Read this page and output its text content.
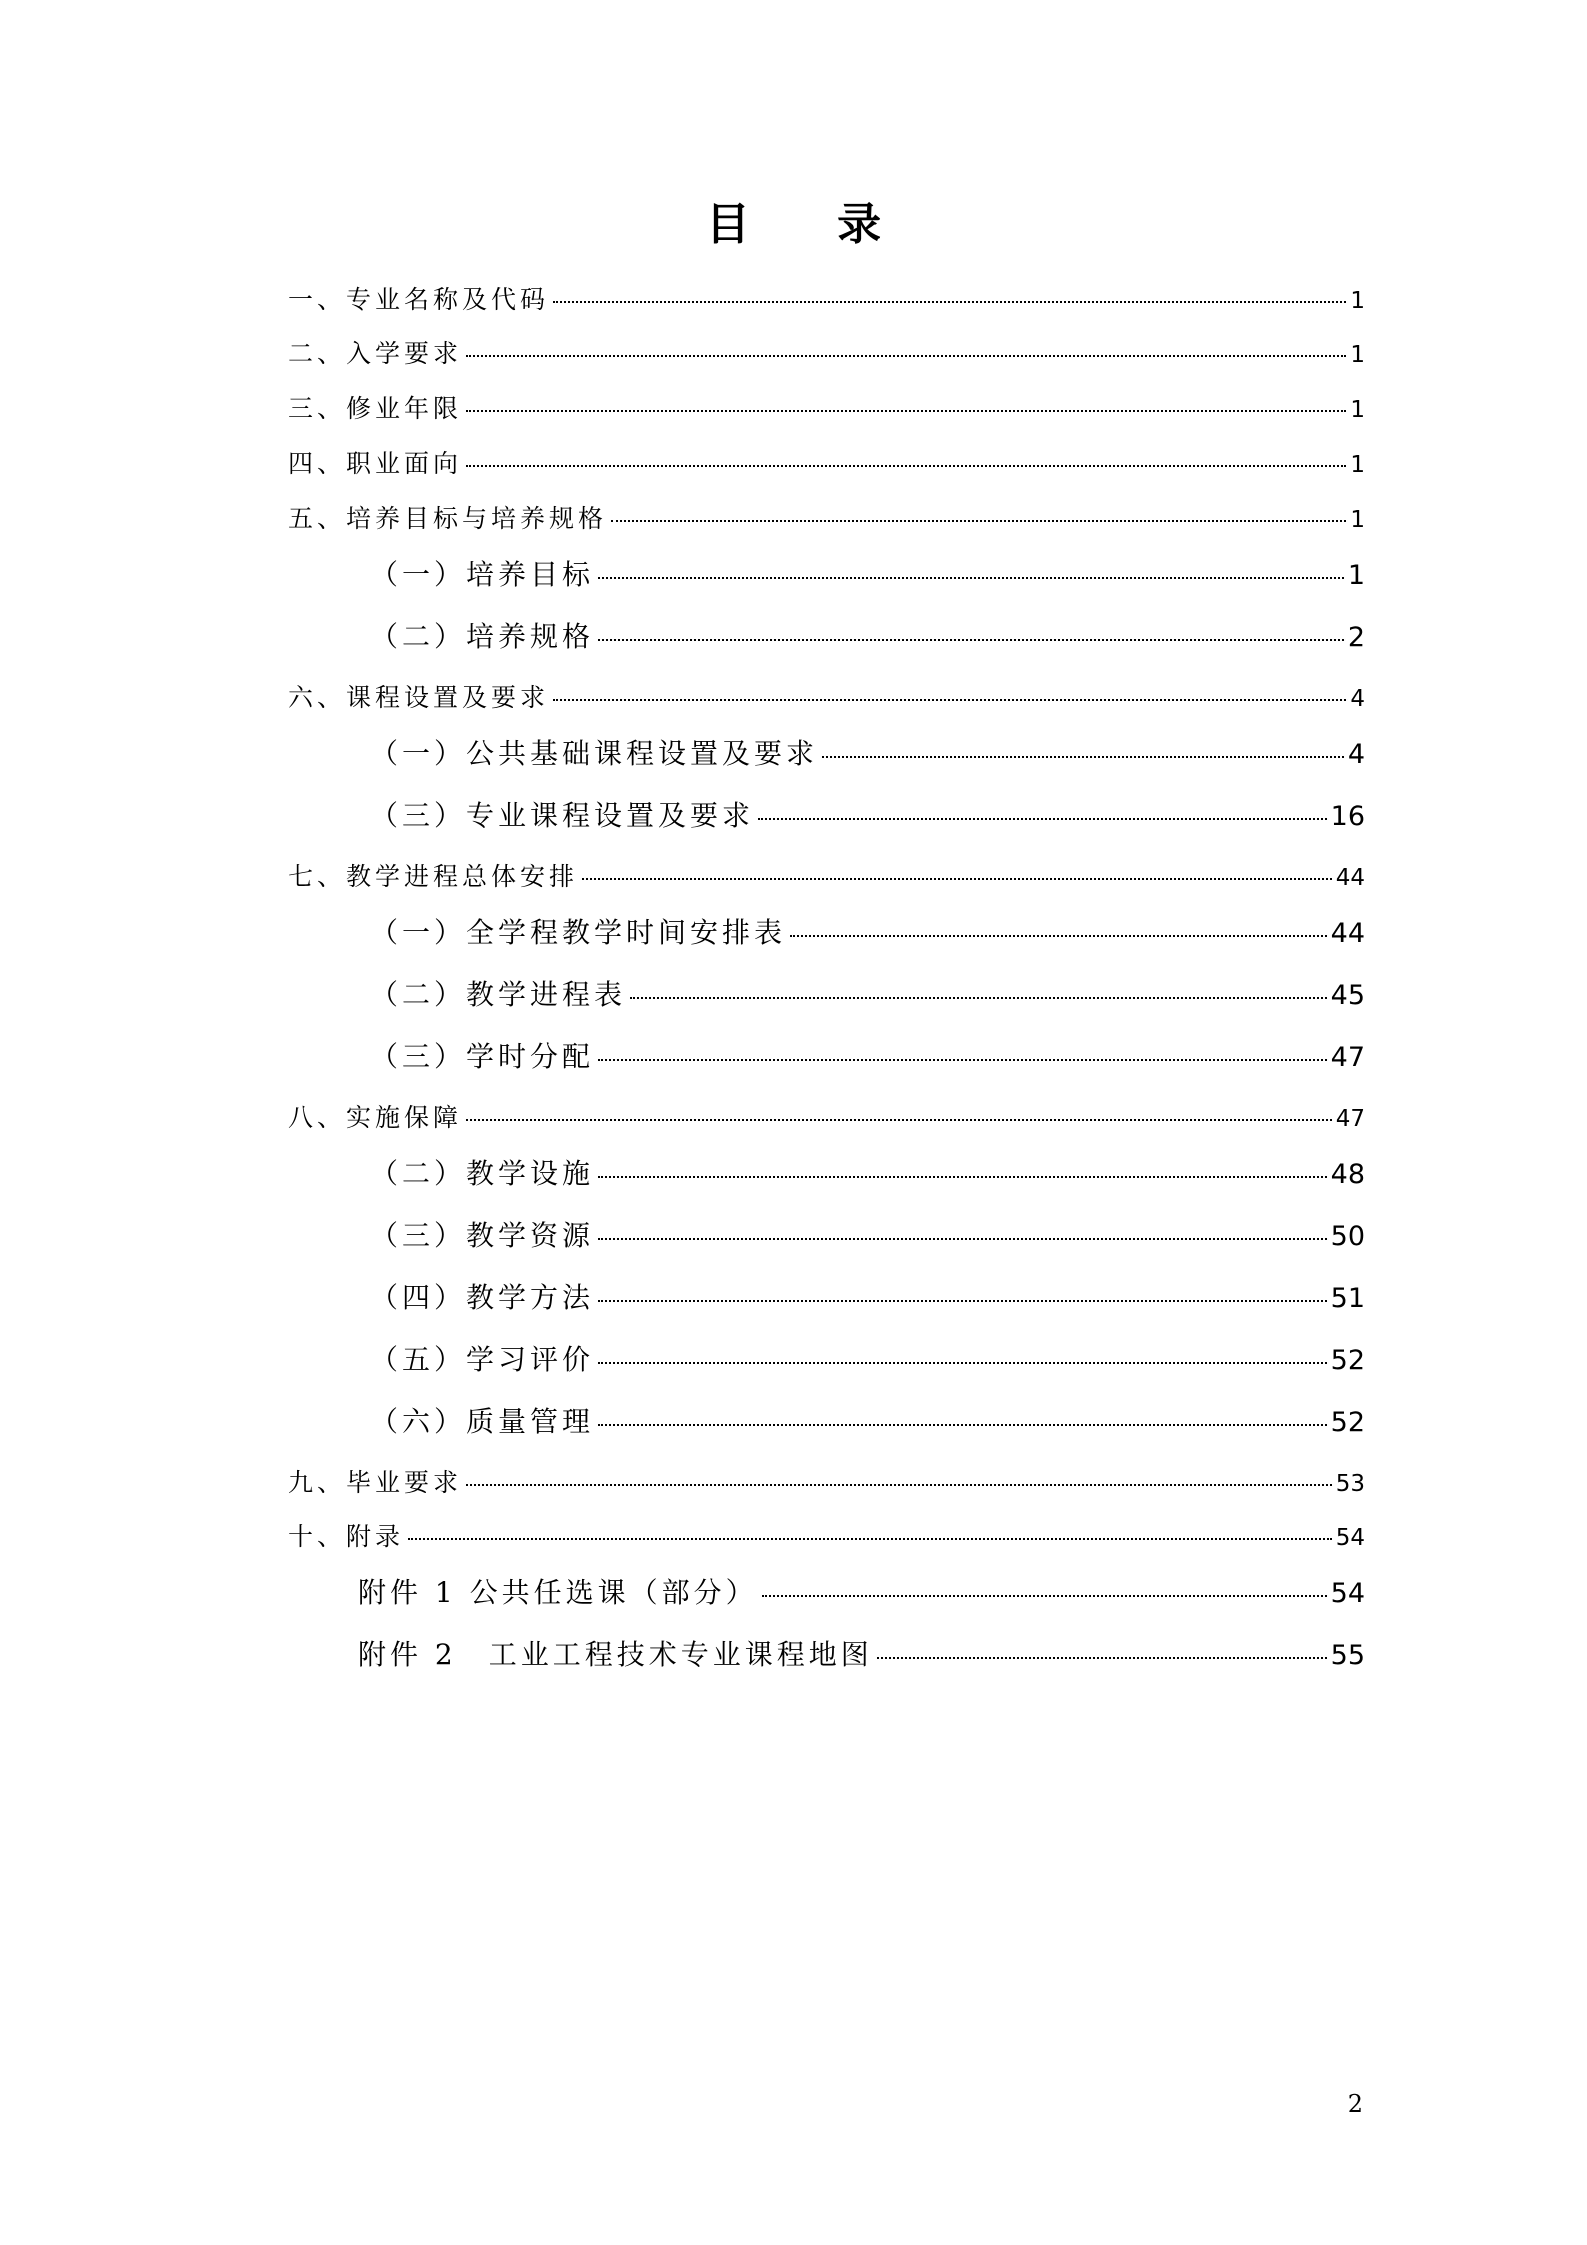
目 录
一、专业名称及代码	1
二、入学要求	1
三、修业年限	1
四、职业面向	1
五、培养目标与培养规格	1
（一）培养目标	1
（二）培养规格	2
六、课程设置及要求	4
（一）公共基础课程设置及要求	4
（三）专业课程设置及要求	16
七、教学进程总体安排	44
（一）全学程教学时间安排表	44
（二）教学进程表	45
（三）学时分配	47
八、实施保障	47
（二）教学设施	48
（三）教学资源	50
（四）教学方法	51
（五）学习评价	52
（六）质量管理	52
九、毕业要求	53
十、附录	54
附件 1 公共任选课（部分）	54
附件 2　工业工程技术专业课程地图	55
2
